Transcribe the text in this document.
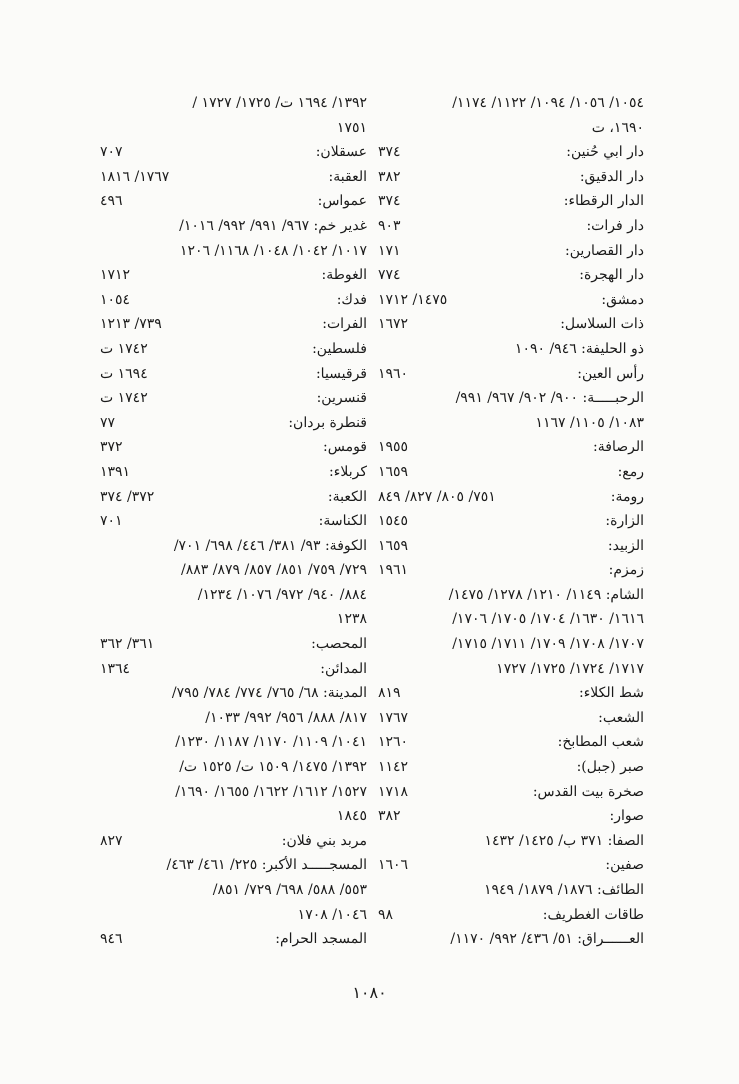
١٠٥٤/ ١٠٥٦/ ١٠٩٤/ ١١٢٢/ ١١٧٤/
١٦٩٠، ت
دار ابي حُنين:
٣٧٤
دار الدقيق:
٣٨٢
الدار الرقطاء:
٣٧٤
دار فرات:
٩٠٣
دار القصارين:
١٧١
دار الهجرة:
٧٧٤
دمشق:
١٤٧٥/ ١٧١٢
ذات السلاسل:
١٦٧٢
ذو الحليفة: ٩٤٦/ ١٠٩٠
رأس العين:
١٩٦٠
الرحبـــــة: ٩٠٠/ ٩٠٢/ ٩٦٧/ ٩٩١/
١٠٨٣/ ١١٠٥/ ١١٦٧
الرصافة:
١٩٥٥
رمع:
١٦٥٩
رومة:
٧٥١/ ٨٠٥/ ٨٢٧/ ٨٤٩
الزارة:
١٥٤٥
الزبيد:
١٦٥٩
زمزم:
١٩٦١
الشام: ١١٤٩/ ١٢١٠/ ١٢٧٨/ ١٤٧٥/
١٦١٦/ ١٦٣٠/ ١٧٠٤/ ١٧٠٥/ ١٧٠٦/
١٧٠٧/ ١٧٠٨/ ١٧٠٩/ ١٧١١/ ١٧١٥/
١٧١٧/ ١٧٢٤/ ١٧٢٥/ ١٧٢٧
شط الكلاء:
٨١٩
الشعب:
١٧٦٧
شعب المطابخ:
١٢٦٠
صبر (جبل):
١١٤٢
صخرة بيت القدس:
١٧١٨
صوار:
٣٨٢
الصفا: ٣٧١ ب/ ١٤٢٥/ ١٤٣٢
صفين:
١٦٠٦
الطائف: ١٨٧٦/ ١٨٧٩/ ١٩٤٩
طاقات الغطريف:
٩٨
العــــــراق: ٥١/ ٤٣٦/ ٩٩٢/ ١١٧٠/
١٣٩٢/ ١٦٩٤ ت/ ١٧٢٥/ ١٧٢٧ /
١٧٥١
عسقلان:
٧٠٧
العقبة:
١٧٦٧/ ١٨١٦
عمواس:
٤٩٦
غدير خم: ٩٦٧/ ٩٩١/ ٩٩٢/ ١٠١٦/
١٠١٧/ ١٠٤٢/ ١٠٤٨/ ١١٦٨/ ١٢٠٦
الغوطة:
١٧١٢
فدك:
١٠٥٤
الفرات:
٧٣٩/ ١٢١٣
فلسطين:
١٧٤٢ ت
قرقيسيا:
١٦٩٤ ت
قنسرين:
١٧٤٢ ت
قنطرة بردان:
٧٧
قومس:
٣٧٢
كربلاء:
١٣٩١
الكعبة:
٣٧٢/ ٣٧٤
الكناسة:
٧٠١
الكوفة: ٩٣/ ٣٨١/ ٤٤٦/ ٦٩٨/ ٧٠١/
٧٢٩/ ٧٥٩/ ٨٥١/ ٨٥٧/ ٨٧٩/ ٨٨٣/
٨٨٤/ ٩٤٠/ ٩٧٢/ ١٠٧٦/ ١٢٣٤/
١٢٣٨
المحصب:
٣٦١/ ٣٦٢
المدائن:
١٣٦٤
المدينة: ٦٨/ ٧٦٥/ ٧٧٤/ ٧٨٤/ ٧٩٥/
٨١٧/ ٨٨٨/ ٩٥٦/ ٩٩٢/ ١٠٣٣/
١٠٤١/ ١١٠٩/ ١١٧٠/ ١١٨٧/ ١٢٣٠/
١٣٩٢/ ١٤٧٥/ ١٥٠٩ ت/ ١٥٢٥ ت/
١٥٢٧/ ١٦١٢/ ١٦٢٢/ ١٦٥٥/ ١٦٩٠/
١٨٤٥
مربد بني فلان:
٨٢٧
المسجـــــد الأكبر: ٢٢٥/ ٤٦١/ ٤٦٣/
٥٥٣/ ٥٨٨/ ٦٩٨/ ٧٢٩/ ٨٥١/
١٠٤٦/ ١٧٠٨
المسجد الحرام:
٩٤٦
١٠٨٠
